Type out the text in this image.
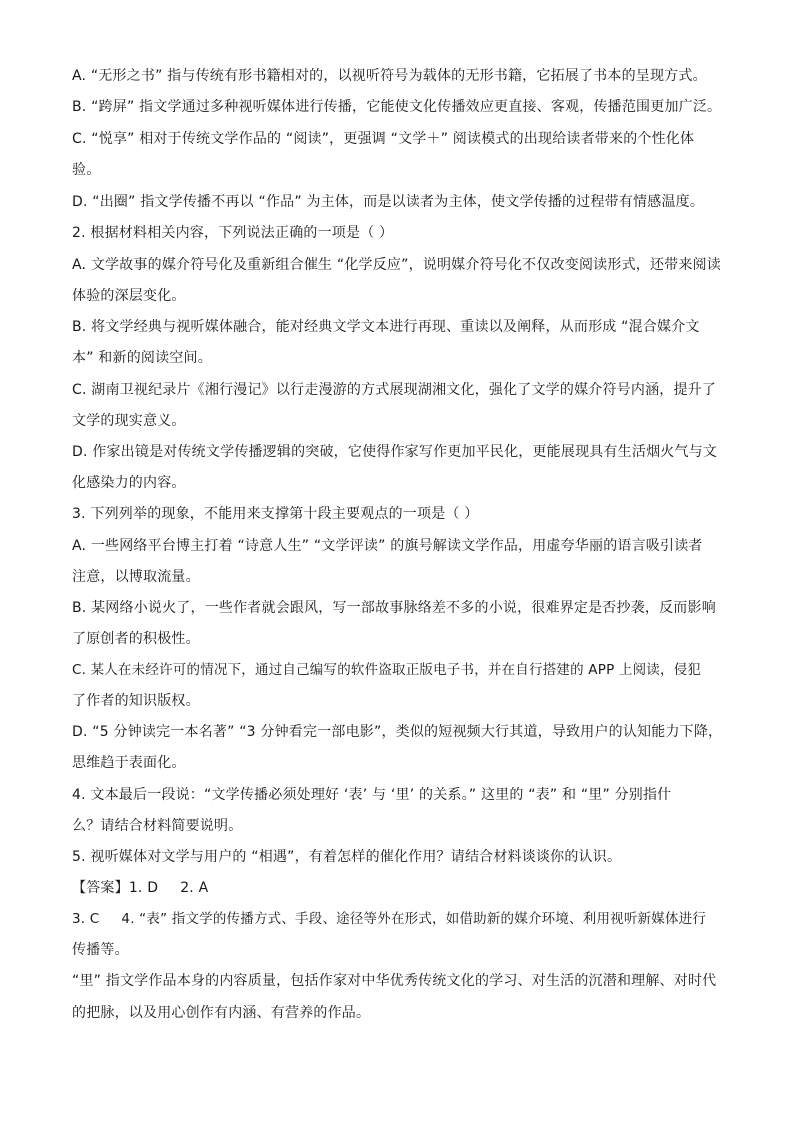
A. “无形之书” 指与传统有形书籍相对的，以视听符号为载体的无形书籍，它拓展了书本的呈现方式。
B. “跨屏” 指文学通过多种视听媒体进行传播，它能使文化传播效应更直接、客观，传播范围更加广泛。
C. “悦享” 相对于传统文学作品的 “阅读”，更强调 “文学＋” 阅读模式的出现给读者带来的个性化体
验。
D. “出圈” 指文学传播不再以 “作品” 为主体，而是以读者为主体，使文学传播的过程带有情感温度。
2. 根据材料相关内容，下列说法正确的一项是（ ）
A. 文学故事的媒介符号化及重新组合催生 “化学反应”，说明媒介符号化不仅改变阅读形式，还带来阅读
体验的深层变化。
B. 将文学经典与视听媒体融合，能对经典文学文本进行再现、重读以及阐释，从而形成 “混合媒介文
本” 和新的阅读空间。
C. 湖南卫视纪录片《湘行漫记》以行走漫游的方式展现湖湘文化，强化了文学的媒介符号内涵，提升了
文学的现实意义。
D. 作家出镜是对传统文学传播逻辑的突破，它使得作家写作更加平民化，更能展现具有生活烟火气与文
化感染力的内容。
3. 下列列举的现象，不能用来支撑第十段主要观点的一项是（ ）
A. 一些网络平台博主打着 “诗意人生” “文学评读” 的旗号解读文学作品，用虚夸华丽的语言吸引读者
注意，以博取流量。
B. 某网络小说火了，一些作者就会跟风，写一部故事脉络差不多的小说，很难界定是否抄袭，反而影响
了原创者的积极性。
C. 某人在未经许可的情况下，通过自己编写的软件盗取正版电子书，并在自行搭建的 APP 上阅读，侵犯
了作者的知识版权。
D. “5 分钟读完一本名著” “3 分钟看完一部电影”，类似的短视频大行其道，导致用户的认知能力下降，
思维趋于表面化。
4. 文本最后一段说：“文学传播必须处理好 ‘表’ 与 ‘里’ 的关系。” 这里的 “表” 和 “里” 分别指什
么？请结合材料简要说明。
5. 视听媒体对文学与用户的 “相遇”，有着怎样的催化作用？请结合材料谈谈你的认识。
【答案】1. D 2. A
3. C 4. “表” 指文学的传播方式、手段、途径等外在形式，如借助新的媒介环境、利用视听新媒体进行
传播等。
“里” 指文学作品本身的内容质量，包括作家对中华优秀传统文化的学习、对生活的沉潜和理解、对时代
的把脉，以及用心创作有内涵、有营养的作品。
